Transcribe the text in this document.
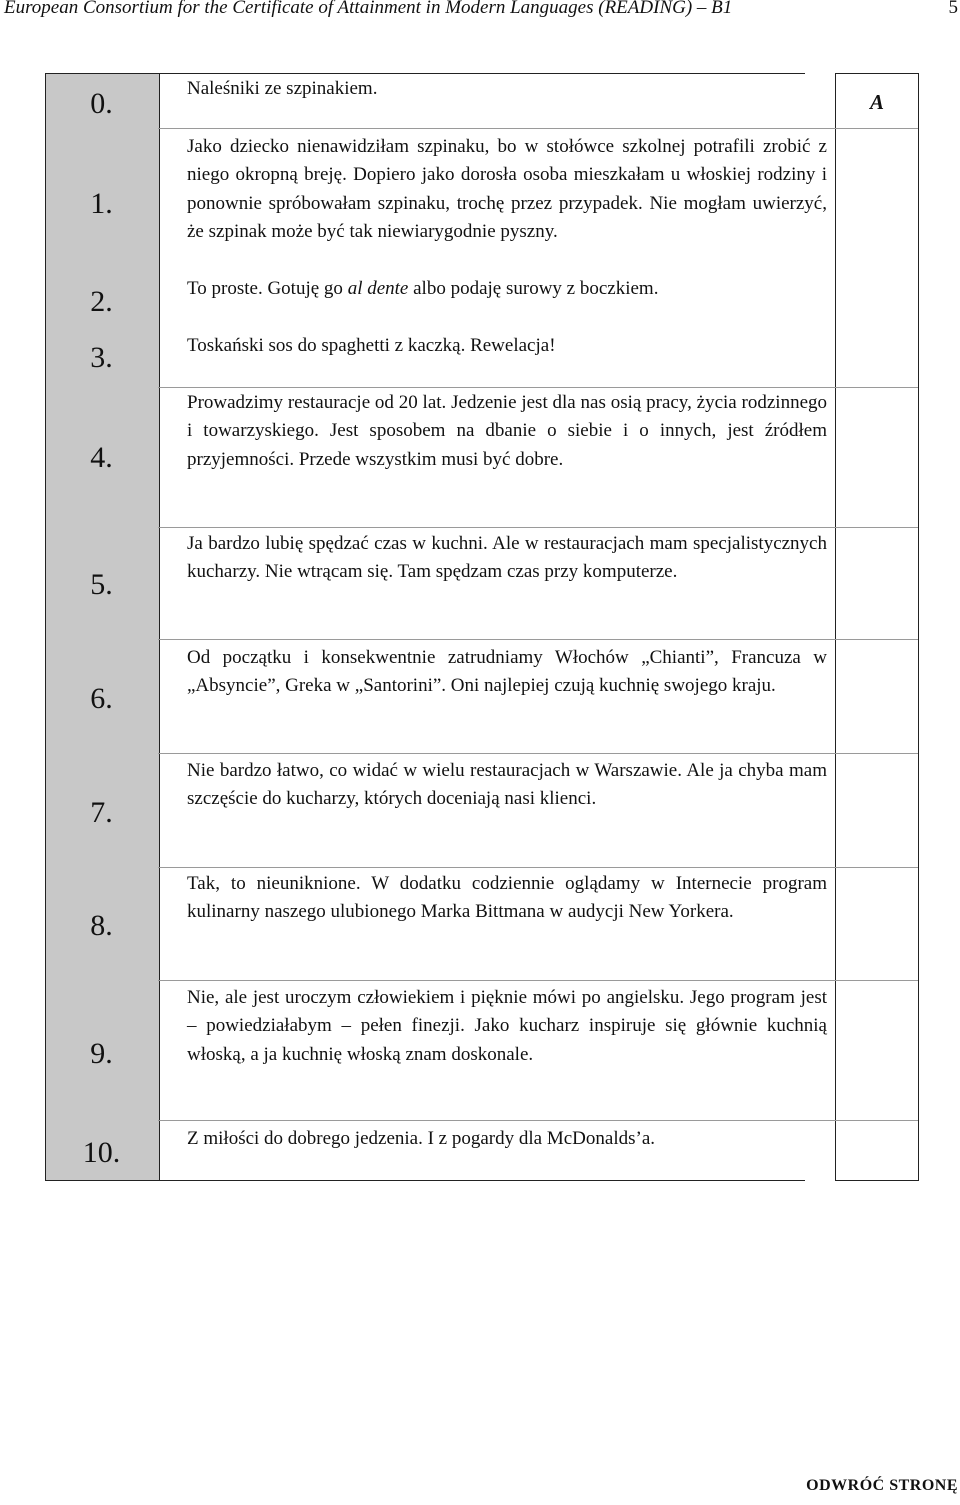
European Consortium for the Certificate of Attainment in Modern Languages (READING) – B1	5
A
0.
1.
2.
3.
4.
5.
6.
7.
8.
9.
10.
Naleśniki ze szpinakiem.
Jako dziecko nienawidziłam szpinaku, bo w stołówce szkolnej potrafili zrobić z niego okropną breję. Dopiero jako dorosła osoba mieszkałam u włoskiej rodziny i ponownie spróbowałam szpinaku, trochę przez przypadek. Nie mogłam uwierzyć, że szpinak może być tak niewiarygodnie pyszny.
To proste. Gotuję go al dente albo podaję surowy z boczkiem.
Toskański sos do spaghetti z kaczką. Rewelacja!
Prowadzimy restauracje od 20 lat. Jedzenie jest dla nas osią pracy, życia rodzinnego i towarzyskiego. Jest sposobem na dbanie o siebie i o innych, jest źródłem przyjemności. Przede wszystkim musi być dobre.
Ja bardzo lubię spędzać czas w kuchni. Ale w restauracjach mam specjalistycznych kucharzy. Nie wtrącam się. Tam spędzam czas przy komputerze.
Od początku i konsekwentnie zatrudniamy Włochów „Chianti”, Francuza w „Absyncie”, Greka w „Santorini”. Oni najlepiej czują kuchnię swojego kraju.
Nie bardzo łatwo, co widać w wielu restauracjach w Warszawie. Ale ja chyba mam szczęście do kucharzy, których doceniają nasi klienci.
Tak, to nieuniknione. W dodatku codziennie oglądamy w Internecie program kulinarny naszego ulubionego Marka Bittmana w audycji New Yorkera.
Nie, ale jest uroczym człowiekiem i pięknie mówi po angielsku. Jego program jest – powiedziałabym – pełen finezji. Jako kucharz inspiruje się głównie kuchnią włoską, a ja kuchnię włoską znam doskonale.
Z miłości do dobrego jedzenia. I z pogardy dla McDonalds’a.
ODWRÓĆ STRONĘ
